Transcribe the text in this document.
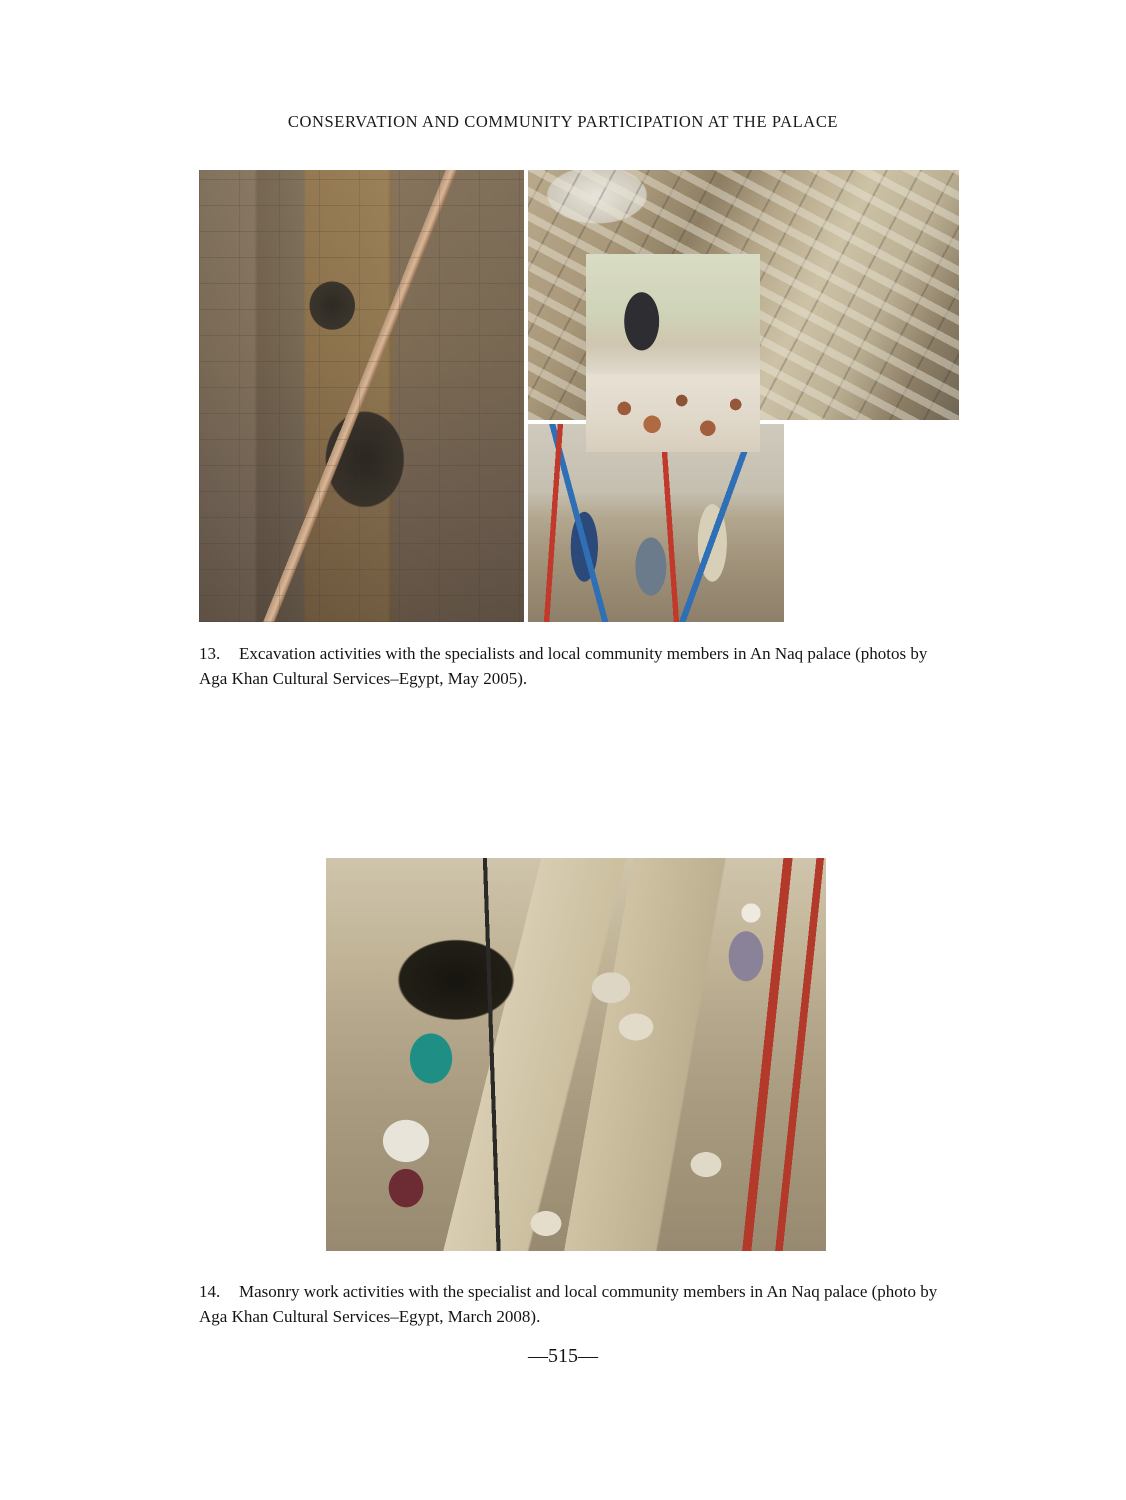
CONSERVATION AND COMMUNITY PARTICIPATION AT THE PALACE
13.	Excavation activities with the specialists and local community members in An Naq palace (photos by Aga Khan Cultural Services–Egypt, May 2005).
14.	Masonry work activities with the specialist and local community members in An Naq palace (photo by Aga Khan Cultural Services–Egypt, March 2008).
—515—
